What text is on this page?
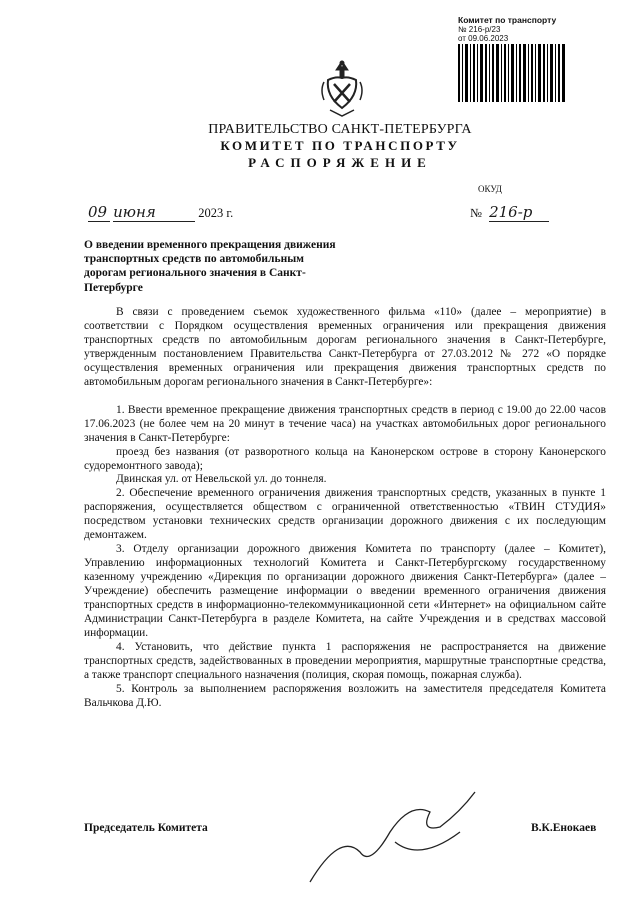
Комитет по транспорту
№ 216-р/23
от 09.06.2023
ПРАВИТЕЛЬСТВО САНКТ-ПЕТЕРБУРГА
КОМИТЕТ ПО ТРАНСПОРТУ
РАСПОРЯЖЕНИЕ
ОКУД
09 июня	2023 г.	№ 216-р
О введении временного прекращения движения транспортных средств по автомобильным дорогам регионального значения в Санкт-Петербурге

В связи с проведением съемок художественного фильма «110» (далее – мероприятие) в соответствии с Порядком осуществления временных ограничения или прекращения движения транспортных средств по автомобильным дорогам регионального значения в Санкт-Петербурге, утвержденным постановлением Правительства Санкт-Петербурга от 27.03.2012 № 272 «О порядке осуществления временных ограничения или прекращения движения транспортных средств по автомобильным дорогам регионального значения в Санкт-Петербурге»:

1. Ввести временное прекращение движения транспортных средств в период с 19.00 до 22.00 часов 17.06.2023 (не более чем на 20 минут в течение часа) на участках автомобильных дорог регионального значения в Санкт-Петербурге:

проезд без названия (от разворотного кольца на Канонерском острове в сторону Канонерского судоремонтного завода);

Двинская ул. от Невельской ул. до тоннеля.

2. Обеспечение временного ограничения движения транспортных средств, указанных в пункте 1 распоряжения, осуществляется обществом с ограниченной ответственностью «ТВИН СТУДИЯ» посредством установки технических средств организации дорожного движения с их последующим демонтажем.

3. Отделу организации дорожного движения Комитета по транспорту (далее – Комитет), Управлению информационных технологий Комитета и Санкт-Петербургскому государственному казенному учреждению «Дирекция по организации дорожного движения Санкт-Петербурга» (далее – Учреждение) обеспечить размещение информации о введении временного ограничения движения транспортных средств в информационно-телекоммуникационной сети «Интернет» на официальном сайте Администрации Санкт-Петербурга в разделе Комитета, на сайте Учреждения и в средствах массовой информации.

4. Установить, что действие пункта 1 распоряжения не распространяется на движение транспортных средств, задействованных в проведении мероприятия, маршрутные транспортные средства, а также транспорт специального назначения (полиция, скорая помощь, пожарная служба).

5. Контроль за выполнением распоряжения возложить на заместителя председателя Комитета Вальчкова Д.Ю.

Председатель Комитета	В.К.Енокаев
